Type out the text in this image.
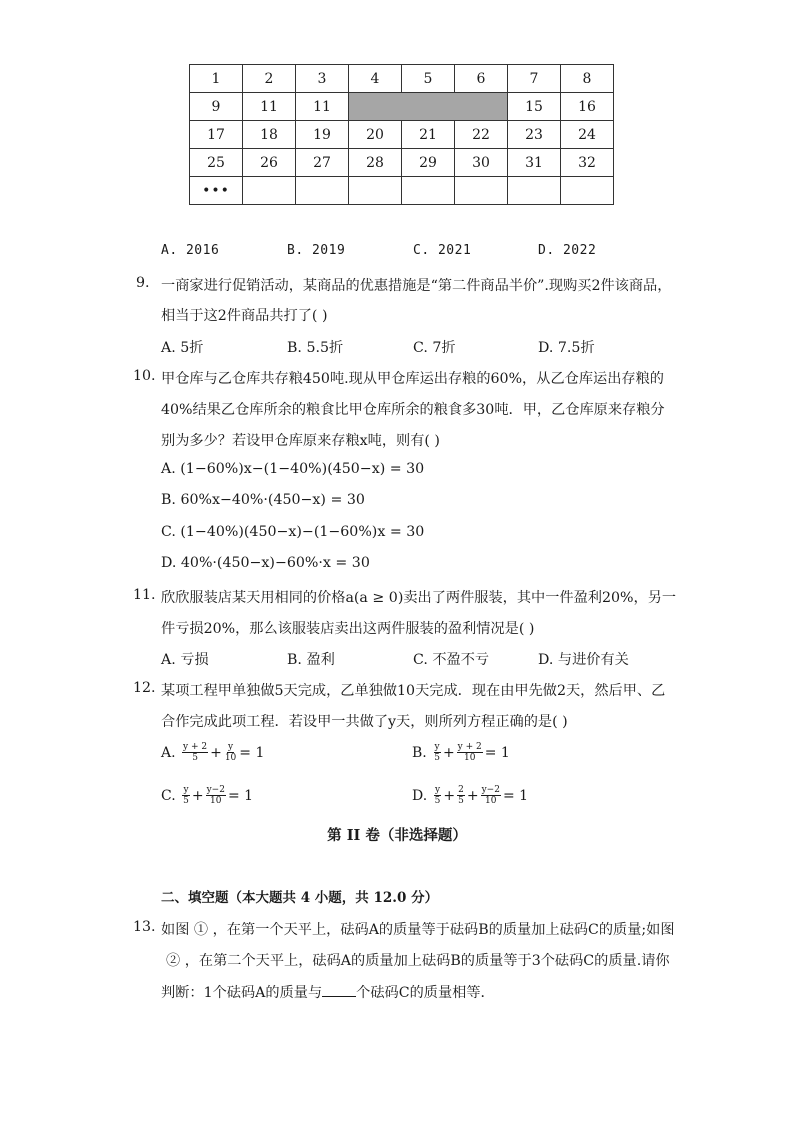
1	2	3	4	5	6	7	8
9	11	11				15	16
17	18	19	20	21	22	23	24
25	26	27	28	29	30	31	32
•••							
A. 2016	B. 2019	C. 2021	D. 2022
9. 一商家进行促销活动，某商品的优惠措施是“第二件商品半价”.现购买2件该商品，
相当于这2件商品共打了( )
A. 5折	B. 5.5折	C. 7折	D. 7.5折
10. 甲仓库与乙仓库共存粮450吨.现从甲仓库运出存粮的60%，从乙仓库运出存粮的
40%结果乙仓库所余的粮食比甲仓库所余的粮食多30吨．甲，乙仓库原来存粮分
别为多少？若设甲仓库原来存粮x吨，则有( )
A. (1−60%)x−(1−40%)(450−x) = 30
B. 60%x−40%·(450−x) = 30
C. (1−40%)(450−x)−(1−60%)x = 30
D. 40%·(450−x)−60%·x = 30
11. 欣欣服装店某天用相同的价格a(a ≥ 0)卖出了两件服装，其中一件盈利20%，另一
件亏损20%，那么该服装店卖出这两件服装的盈利情况是( )
A. 亏损	B. 盈利	C. 不盈不亏	D. 与进价有关
12. 某项工程甲单独做5天完成，乙单独做10天完成．现在由甲先做2天，然后甲、乙
合作完成此项工程．若设甲一共做了y天，则所列方程正确的是( )
A.
$\frac{y + 2}{5} + \frac{y}{10} = 1$	B.
$\frac{y}{5} + \frac{y + 2}{10} = 1$
C.
$\frac{y}{5} + \frac{y-2}{10} = 1$	D.
$\frac{y}{5} + \frac{2}{5} + \frac{y-2}{10} = 1$
第 II 卷（非选择题）
二、填空题（本大题共 4 小题，共 12.0 分）
13. 如图 ① ，在第一个天平上，砝码A的质量等于砝码B的质量加上砝码C的质量;如图
② ，在第二个天平上，砝码A的质量加上砝码B的质量等于3个砝码C的质量.请你
判断：1个砝码A的质量与 个砝码C的质量相等．
